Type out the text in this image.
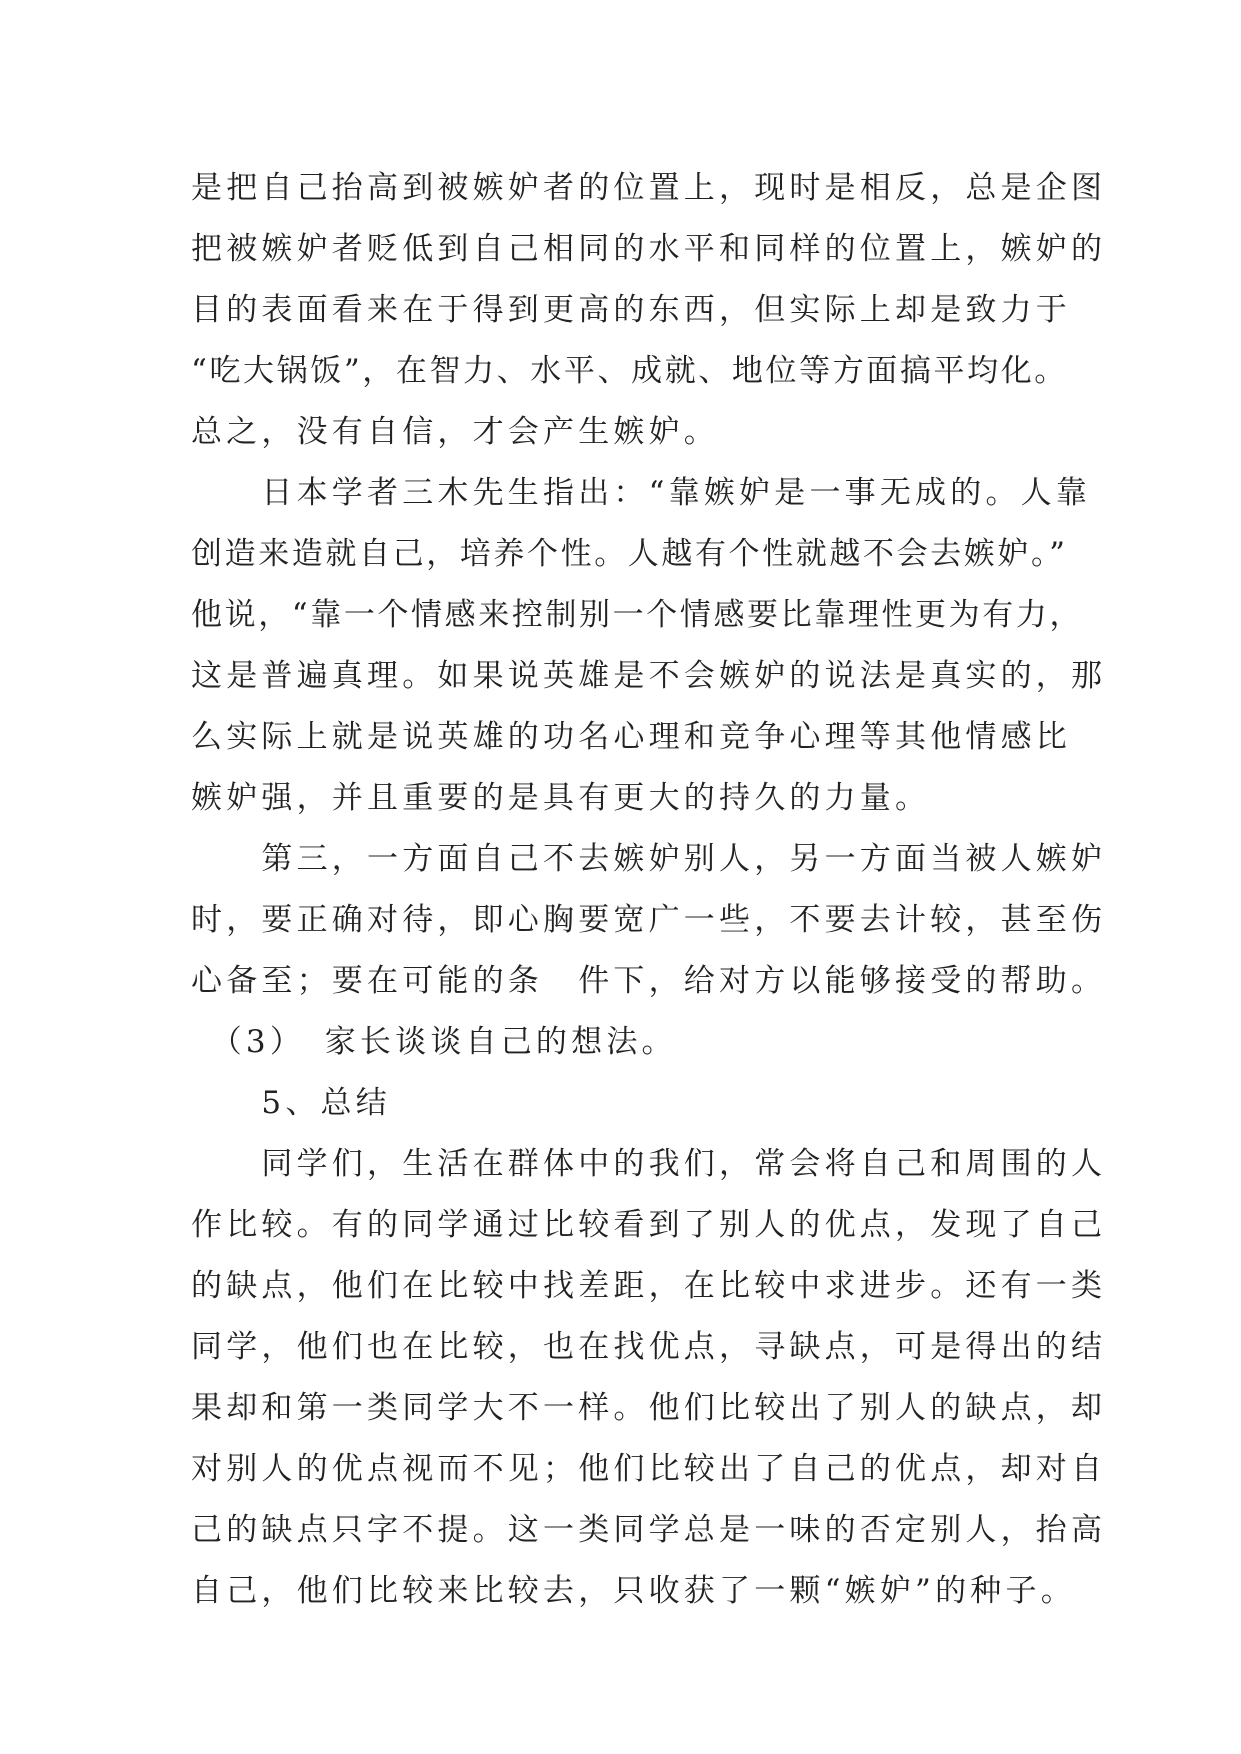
是把自己抬高到被嫉妒者的位置上，现时是相反，总是企图
把被嫉妒者贬低到自己相同的水平和同样的位置上，嫉妒的
目的表面看来在于得到更高的东西，但实际上却是致力于
“吃大锅饭”，在智力、水平、成就、地位等方面搞平均化。
总之，没有自信，才会产生嫉妒。
　　日本学者三木先生指出：“靠嫉妒是一事无成的。人靠
创造来造就自己，培养个性。人越有个性就越不会去嫉妒。”
他说，“靠一个情感来控制别一个情感要比靠理性更为有力，
这是普遍真理。如果说英雄是不会嫉妒的说法是真实的，那
么实际上就是说英雄的功名心理和竞争心理等其他情感比
嫉妒强，并且重要的是具有更大的持久的力量。
　　第三，一方面自己不去嫉妒别人，另一方面当被人嫉妒
时，要正确对待，即心胸要宽广一些，不要去计较，甚至伤
心备至；要在可能的条　件下，给对方以能够接受的帮助。
　（3）　家长谈谈自己的想法。
　　5、总结
　　同学们，生活在群体中的我们，常会将自己和周围的人
作比较。有的同学通过比较看到了别人的优点，发现了自己
的缺点，他们在比较中找差距，在比较中求进步。还有一类
同学，他们也在比较，也在找优点，寻缺点，可是得出的结
果却和第一类同学大不一样。他们比较出了别人的缺点，却
对别人的优点视而不见；他们比较出了自己的优点，却对自
己的缺点只字不提。这一类同学总是一味的否定别人，抬高
自己，他们比较来比较去，只收获了一颗“嫉妒”的种子。
